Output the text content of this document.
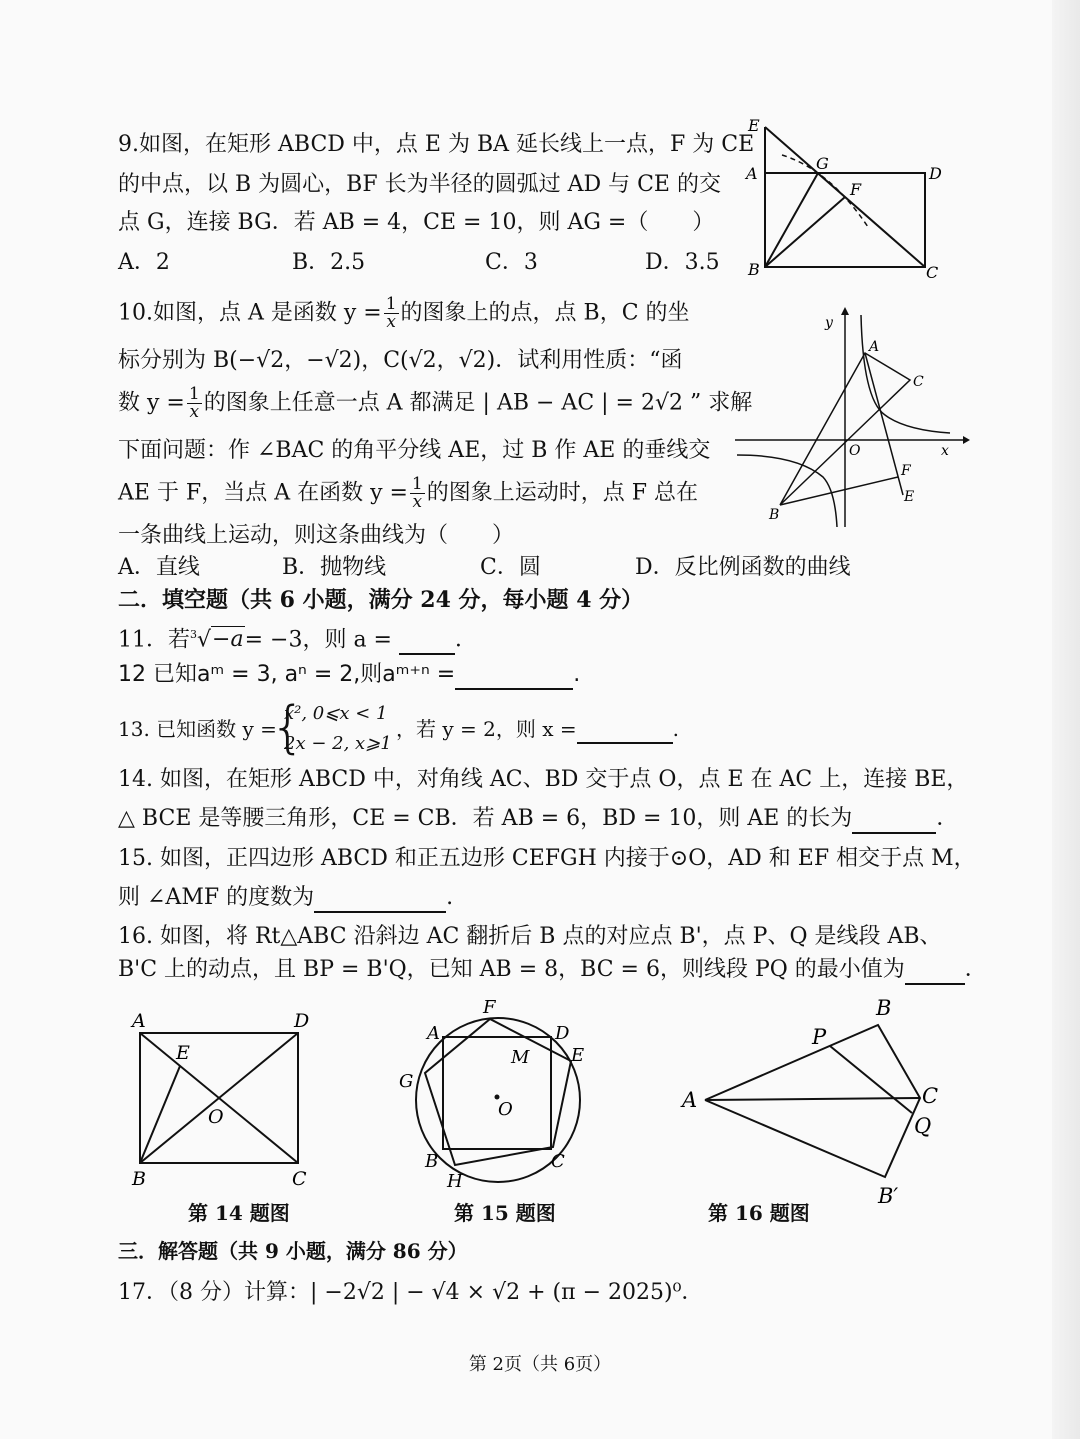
9.如图，在矩形 ABCD 中，点 E 为 BA 延长线上一点，F 为 CE
的中点，以 B 为圆心，BF 长为半径的圆弧过 AD 与 CE 的交
点 G，连接 BG．若 AB = 4，CE = 10，则 AG =（　　）
A．2	B．2.5	C．3	D．3.5
E
A
G
D
F
B	C
10.如图，点 A 是函数 $y = \frac{1}{x}$ 的图象上的点，点 B，C 的坐
标分别为 B(−√2，−√2)，C(√2，√2)．试利用性质：“函
数 $y = \frac{1}{x}$ 的图象上任意一点 A 都满足 | AB − AC | = 2√2 ” 求解
下面问题：作 ∠BAC 的角平分线 AE，过 B 作 AE 的垂线交
AE 于 F，当点 A 在函数 $y = \frac{1}{x}$ 的图象上运动时，点 F 总在
一条曲线上运动，则这条曲线为（　　）
A．直线	B．抛物线	C．圆	D．反比例函数的曲线
y
A
C
O	x
F
E
B
二．填空题（共 6 小题，满分 24 分，每小题 4 分）
11．若$^3$√−a= −3，则 a =	．
12 已知aᵐ = 3, aⁿ = 2,则aᵐ⁺ⁿ =	.
13. 已知函数 y =
{
x², 0⩽x < 1
2x − 2, x⩾1
，若 y = 2，则 x =	.
14. 如图，在矩形 ABCD 中，对角线 AC、BD 交于点 O，点 E 在 AC 上，连接 BE，
△ BCE 是等腰三角形，CE = CB．若 AB = 6，BD = 10，则 AE 的长为	．
15. 如图，正四边形 ABCD 和正五边形 CEFGH 内接于⊙O，AD 和 EF 相交于点 M，
则 ∠AMF 的度数为	.
16. 如图，将 Rt△ABC 沿斜边 AC 翻折后 B 点的对应点 B'，点 P、Q 是线段 AB、
B'C 上的动点，且 BP = B'Q，已知 AB = 8，BC = 6，则线段 PQ 的最小值为	．
A	D
E
O
B	C
第 14 题图
F
A	D
M E
G
O
B	C
H
第 15 题图
B
P
A	C
Q
B′
第 16 题图
三．解答题（共 9 小题，满分 86 分）
17．（8 分）计算：| −2√2 | − √4 × √2 + (π − 2025)⁰．
第 2页（共 6页）
